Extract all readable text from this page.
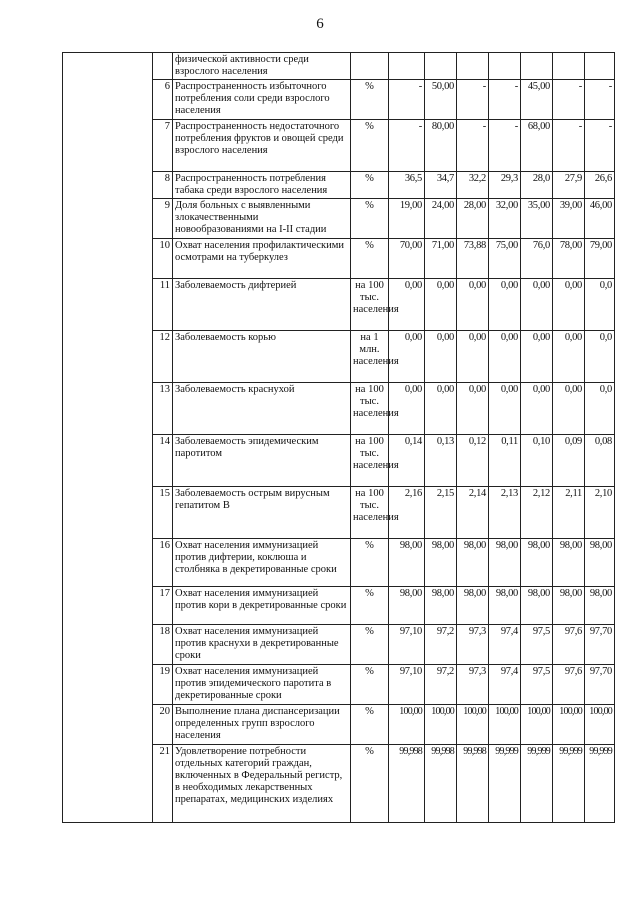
6
		физической активности среди взрослого населения								
	6	Распространенность избыточного потребления соли среди взрослого населения	%	-	50,00	-	-	45,00	-	-
	7	Распространенность недостаточного потребления фруктов и овощей среди взрослого населения	%	-	80,00	-	-	68,00	-	-
	8	Распространенность потребления табака среди взрослого населения	%	36,5	34,7	32,2	29,3	28,0	27,9	26,6
	9	Доля больных с выявленными злокачественными новообразованиями на I-II стадии	%	19,00	24,00	28,00	32,00	35,00	39,00	46,00
	10	Охват населения профилактическими осмотрами на туберкулез	%	70,00	71,00	73,88	75,00	76,0	78,00	79,00
	11	Заболеваемость дифтерией	на 100 тыс. населения	0,00	0,00	0,00	0,00	0,00	0,00	0,0
	12	Заболеваемость корью	на 1 млн. населения	0,00	0,00	0,00	0,00	0,00	0,00	0,0
	13	Заболеваемость краснухой	на 100 тыс. населения	0,00	0,00	0,00	0,00	0,00	0,00	0,0
	14	Заболеваемость эпидемическим паротитом	на 100 тыс. населения	0,14	0,13	0,12	0,11	0,10	0,09	0,08
	15	Заболеваемость острым вирусным гепатитом В	на 100 тыс. населения	2,16	2,15	2,14	2,13	2,12	2,11	2,10
	16	Охват населения иммунизацией против дифтерии, коклюша и столбняка в декретированные сроки	%	98,00	98,00	98,00	98,00	98,00	98,00	98,00
	17	Охват населения иммунизацией против кори в декретированные сроки	%	98,00	98,00	98,00	98,00	98,00	98,00	98,00
	18	Охват населения иммунизацией против краснухи в декретированные сроки	%	97,10	97,2	97,3	97,4	97,5	97,6	97,70
	19	Охват населения иммунизацией против эпидемического паротита в декретированные сроки	%	97,10	97,2	97,3	97,4	97,5	97,6	97,70
	20	Выполнение плана диспансеризации определенных групп взрослого населения	%	100,00	100,00	100,00	100,00	100,00	100,00	100,00
	21	Удовлетворение потребности отдельных категорий граждан, включенных в Федеральный регистр, в необходимых лекарственных препаратах, медицинских изделиях	%	99,998	99,998	99,998	99,999	99,999	99,999	99,999
